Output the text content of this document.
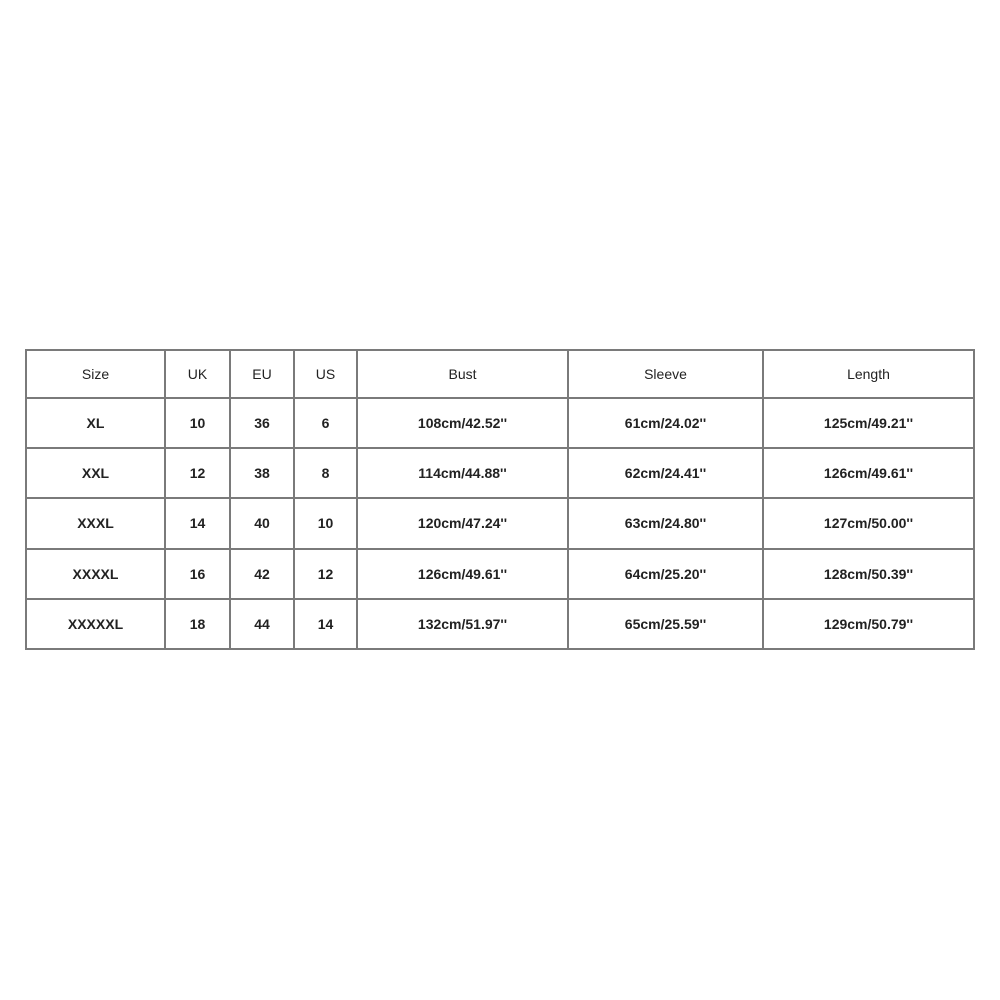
Size	UK	EU	US	Bust	Sleeve	Length
XL	10	36	6	108cm/42.52''	61cm/24.02''	125cm/49.21''
XXL	12	38	8	114cm/44.88''	62cm/24.41''	126cm/49.61''
XXXL	14	40	10	120cm/47.24''	63cm/24.80''	127cm/50.00''
XXXXL	16	42	12	126cm/49.61''	64cm/25.20''	128cm/50.39''
XXXXXL	18	44	14	132cm/51.97''	65cm/25.59''	129cm/50.79''
